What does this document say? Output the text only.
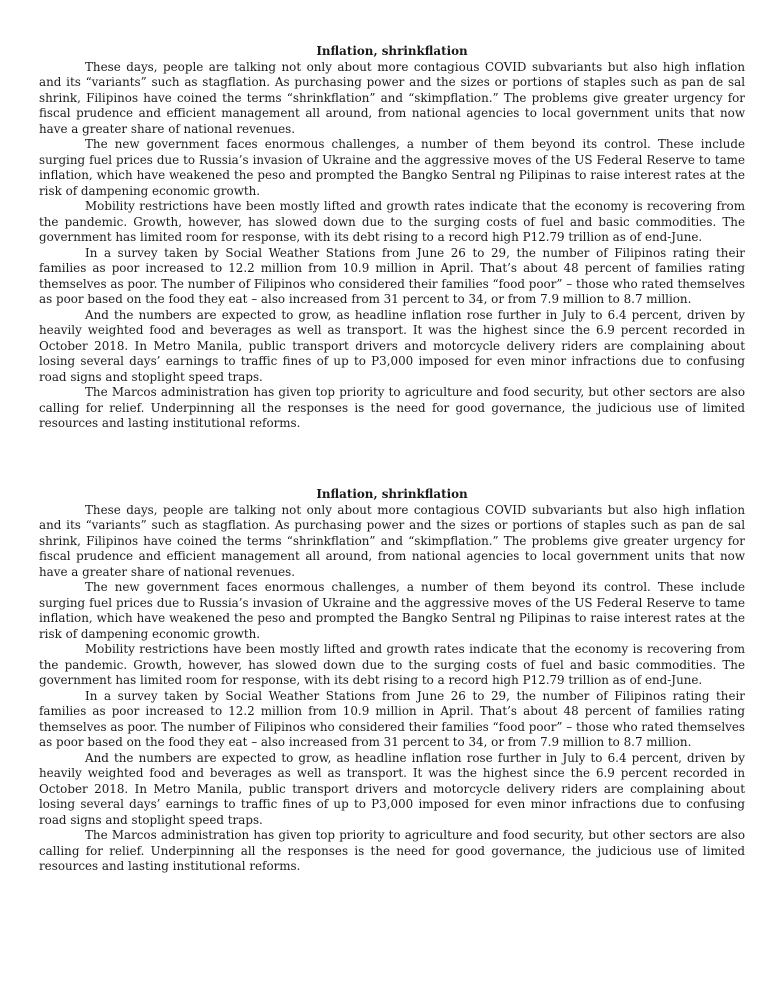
Inflation, shrinkflation

These days, people are talking not only about more contagious COVID subvariants but also high inflation and its “variants” such as stagflation. As purchasing power and the sizes or portions of staples such as pan de sal shrink, Filipinos have coined the terms “shrinkflation” and “skimpflation.” The problems give greater urgency for fiscal prudence and efficient management all around, from national agencies to local government units that now have a greater share of national revenues.

The new government faces enormous challenges, a number of them beyond its control. These include surging fuel prices due to Russia’s invasion of Ukraine and the aggressive moves of the US Federal Reserve to tame inflation, which have weakened the peso and prompted the Bangko Sentral ng Pilipinas to raise interest rates at the risk of dampening economic growth.

Mobility restrictions have been mostly lifted and growth rates indicate that the economy is recovering from the pandemic. Growth, however, has slowed down due to the surging costs of fuel and basic commodities. The government has limited room for response, with its debt rising to a record high P12.79 trillion as of end-June.

In a survey taken by Social Weather Stations from June 26 to 29, the number of Filipinos rating their families as poor increased to 12.2 million from 10.9 million in April. That’s about 48 percent of families rating themselves as poor. The number of Filipinos who considered their families “food poor” – those who rated themselves as poor based on the food they eat – also increased from 31 percent to 34, or from 7.9 million to 8.7 million.

And the numbers are expected to grow, as headline inflation rose further in July to 6.4 percent, driven by heavily weighted food and beverages as well as transport. It was the highest since the 6.9 percent recorded in October 2018. In Metro Manila, public transport drivers and motorcycle delivery riders are complaining about losing several days’ earnings to traffic fines of up to P3,000 imposed for even minor infractions due to confusing road signs and stoplight speed traps.

The Marcos administration has given top priority to agriculture and food security, but other sectors are also calling for relief. Underpinning all the responses is the need for good governance, the judicious use of limited resources and lasting institutional reforms.

Inflation, shrinkflation

These days, people are talking not only about more contagious COVID subvariants but also high inflation and its “variants” such as stagflation. As purchasing power and the sizes or portions of staples such as pan de sal shrink, Filipinos have coined the terms “shrinkflation” and “skimpflation.” The problems give greater urgency for fiscal prudence and efficient management all around, from national agencies to local government units that now have a greater share of national revenues.

The new government faces enormous challenges, a number of them beyond its control. These include surging fuel prices due to Russia’s invasion of Ukraine and the aggressive moves of the US Federal Reserve to tame inflation, which have weakened the peso and prompted the Bangko Sentral ng Pilipinas to raise interest rates at the risk of dampening economic growth.

Mobility restrictions have been mostly lifted and growth rates indicate that the economy is recovering from the pandemic. Growth, however, has slowed down due to the surging costs of fuel and basic commodities. The government has limited room for response, with its debt rising to a record high P12.79 trillion as of end-June.

In a survey taken by Social Weather Stations from June 26 to 29, the number of Filipinos rating their families as poor increased to 12.2 million from 10.9 million in April. That’s about 48 percent of families rating themselves as poor. The number of Filipinos who considered their families “food poor” – those who rated themselves as poor based on the food they eat – also increased from 31 percent to 34, or from 7.9 million to 8.7 million.

And the numbers are expected to grow, as headline inflation rose further in July to 6.4 percent, driven by heavily weighted food and beverages as well as transport. It was the highest since the 6.9 percent recorded in October 2018. In Metro Manila, public transport drivers and motorcycle delivery riders are complaining about losing several days’ earnings to traffic fines of up to P3,000 imposed for even minor infractions due to confusing road signs and stoplight speed traps.

The Marcos administration has given top priority to agriculture and food security, but other sectors are also calling for relief. Underpinning all the responses is the need for good governance, the judicious use of limited resources and lasting institutional reforms.
